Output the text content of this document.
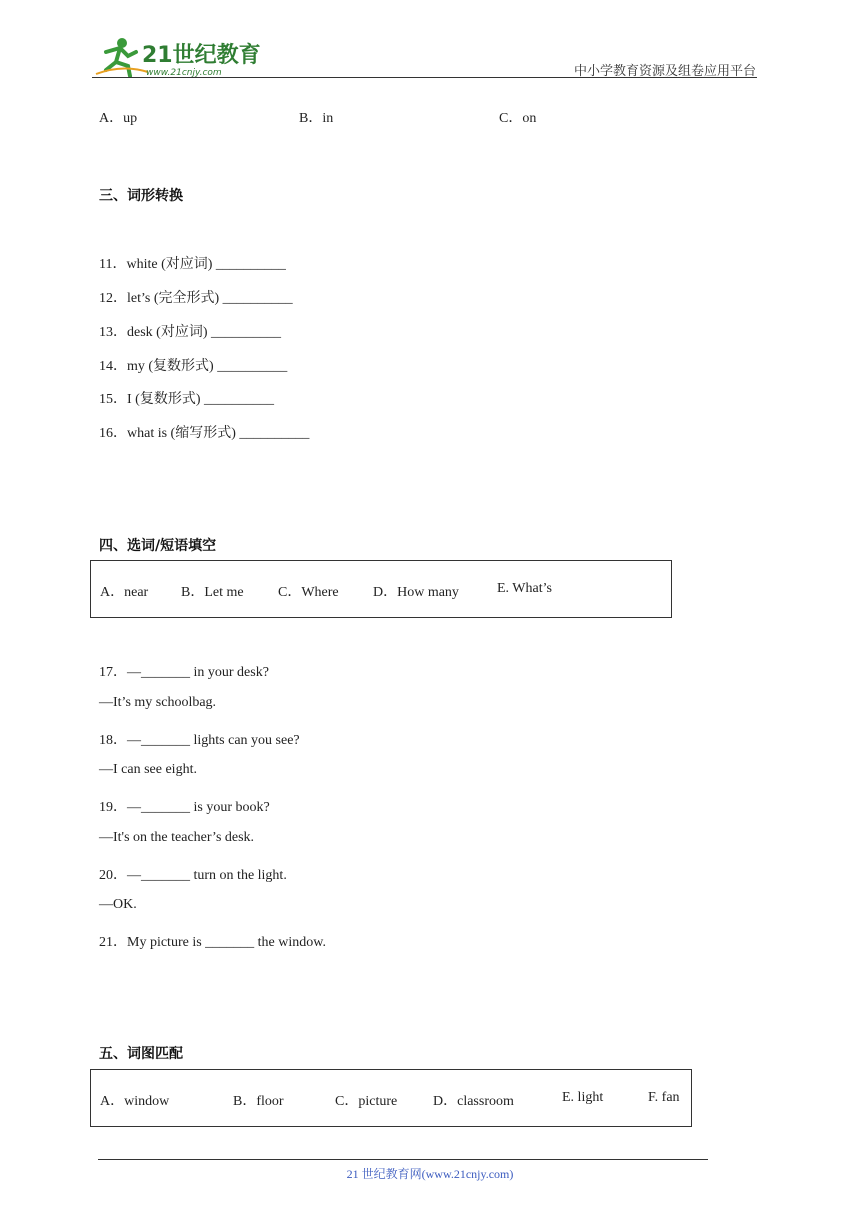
21世纪教育
www.21cnjy.com	中小学教育资源及组卷应用平台
A．up	B．in	C．on
三、词形转换
11．white (对应词) __________
12．let’s (完全形式) __________
13．desk (对应词) __________
14．my (复数形式) __________
15．I (复数形式) __________
16．what is (缩写形式) __________
四、选词/短语填空
A．near B．Let me C．Where D．How many	E. What’s
17．—_______ in your desk?
—It’s my schoolbag.
18．—_______ lights can you see?
—I can see eight.
19．—_______ is your book?
—It's on the teacher’s desk.
20．—_______ turn on the light.
—OK.
21．My picture is _______ the window.
五、词图匹配
A．window	B．floor	C．picture	D．classroom	E. light	F. fan
21 世纪教育网(www.21cnjy.com)
